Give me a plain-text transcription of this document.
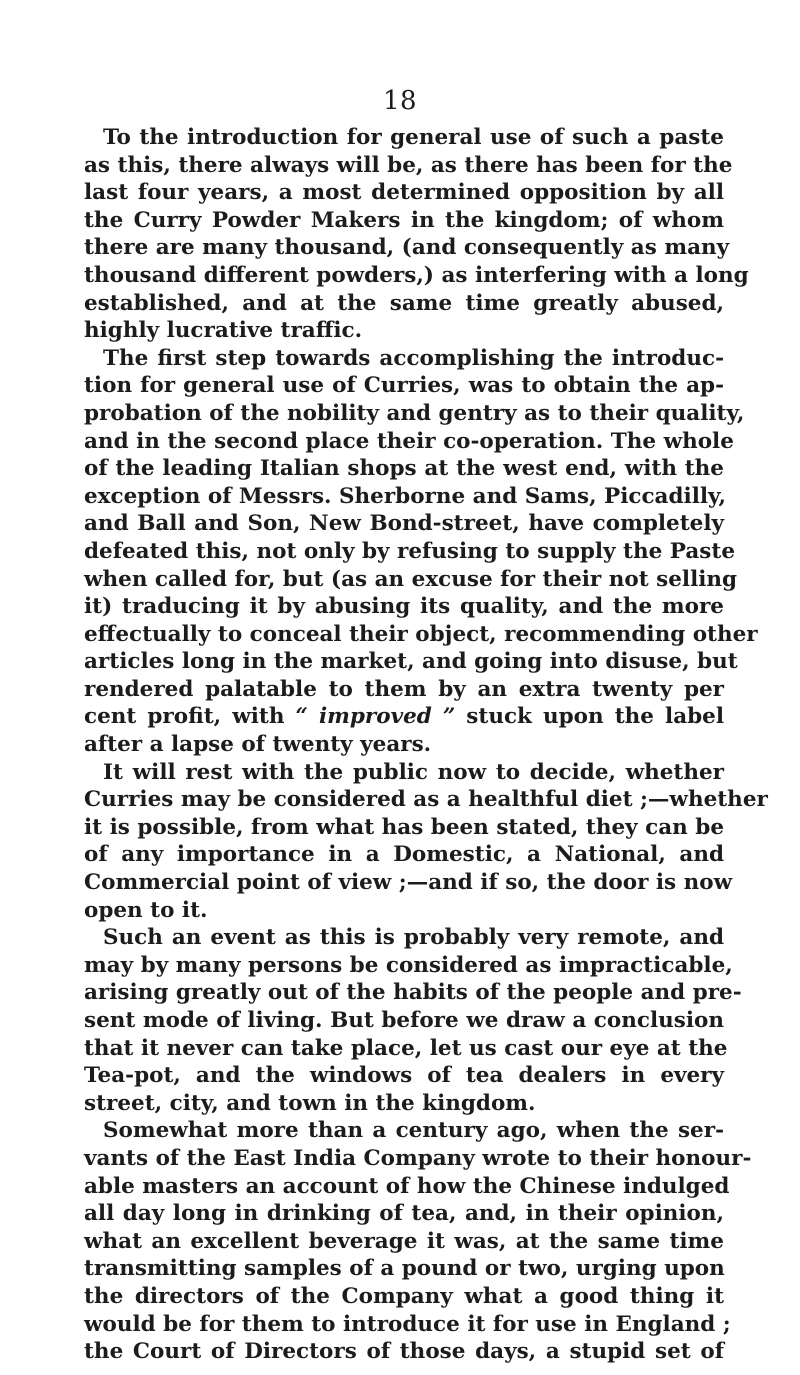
18
To the introduction for general use of such a paste
as this, there always will be, as there has been for the
last four years, a most determined opposition by all
the Curry Powder Makers in the kingdom; of whom
there are many thousand, (and consequently as many
thousand different powders,) as interfering with a long
established, and at the same time greatly abused,
highly lucrative traffic.
The first step towards accomplishing the introduc-
tion for general use of Curries, was to obtain the ap-
probation of the nobility and gentry as to their quality,
and in the second place their co-operation. The whole
of the leading Italian shops at the west end, with the
exception of Messrs. Sherborne and Sams, Piccadilly,
and Ball and Son, New Bond-street, have completely
defeated this, not only by refusing to supply the Paste
when called for, but (as an excuse for their not selling
it) traducing it by abusing its quality, and the more
effectually to conceal their object, recommending other
articles long in the market, and going into disuse, but
rendered palatable to them by an extra twenty per
cent profit, with “ improved ” stuck upon the label
after a lapse of twenty years.
It will rest with the public now to decide, whether
Curries may be considered as a healthful diet ;—whether
it is possible, from what has been stated, they can be
of any importance in a Domestic, a National, and
Commercial point of view ;—and if so, the door is now
open to it.
Such an event as this is probably very remote, and
may by many persons be considered as impracticable,
arising greatly out of the habits of the people and pre-
sent mode of living. But before we draw a conclusion
that it never can take place, let us cast our eye at the
Tea-pot, and the windows of tea dealers in every
street, city, and town in the kingdom.
Somewhat more than a century ago, when the ser-
vants of the East India Company wrote to their honour-
able masters an account of how the Chinese indulged
all day long in drinking of tea, and, in their opinion,
what an excellent beverage it was, at the same time
transmitting samples of a pound or two, urging upon
the directors of the Company what a good thing it
would be for them to introduce it for use in England ;
the Court of Directors of those days, a stupid set of
